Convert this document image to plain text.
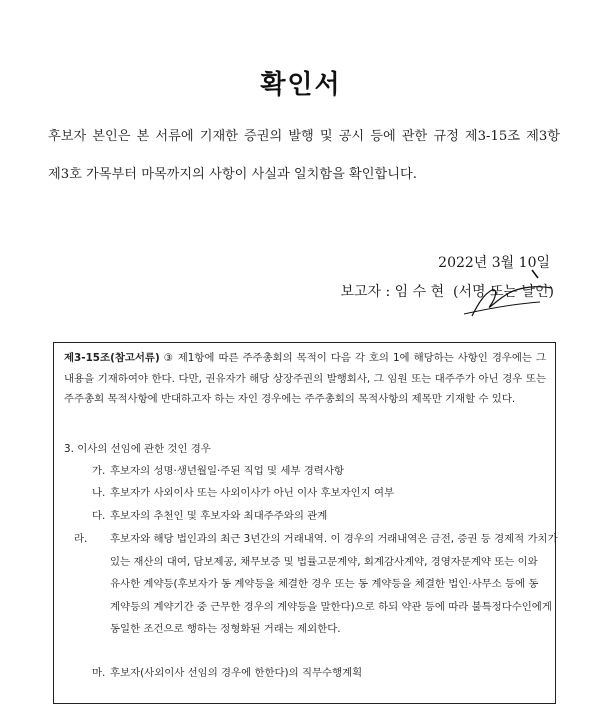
확인서
후보자 본인은 본 서류에 기재한 증권의 발행 및 공시 등에 관한 규정 제3-15조 제3항 제3호 가목부터 마목까지의 사항이 사실과 일치함을 확인합니다.
2022년 3월 10일
보고자 : 임 수 현 (서명 또는 날인)
제3-15조(참고서류) ③ 제1항에 따른 주주총회의 목적이 다음 각 호의 1에 해당하는 사항인 경우에는 그 내용을 기재하여야 한다. 다만, 권유자가 해당 상장주권의 발행회사, 그 임원 또는 대주주가 아닌 경우 또는 주주총회 목적사항에 반대하고자 하는 자인 경우에는 주주총회의 목적사항의 제목만 기재할 수 있다.
3. 이사의 선임에 관한 것인 경우
가. 후보자의 성명·생년월일·주된 직업 및 세부 경력사항
나. 후보자가 사외이사 또는 사외이사가 아닌 이사 후보자인지 여부
다. 후보자의 추천인 및 후보자와 최대주주와의 관계
라. 후보자와 해당 법인과의 최근 3년간의 거래내역. 이 경우의 거래내역은 금전, 증권 등 경제적 가치가 있는 재산의 대여, 담보제공, 채무보증 및 법률고문계약, 회계감사계약, 경영자문계약 또는 이와 유사한 계약등(후보자가 동 계약등을 체결한 경우 또는 동 계약등을 체결한 법인·사무소 등에 동 계약등의 계약기간 중 근무한 경우의 계약등을 말한다)으로 하되 약관 등에 따라 불특정다수인에게 동일한 조건으로 행하는 정형화된 거래는 제외한다.
마. 후보자(사외이사 선임의 경우에 한한다)의 직무수행계획
